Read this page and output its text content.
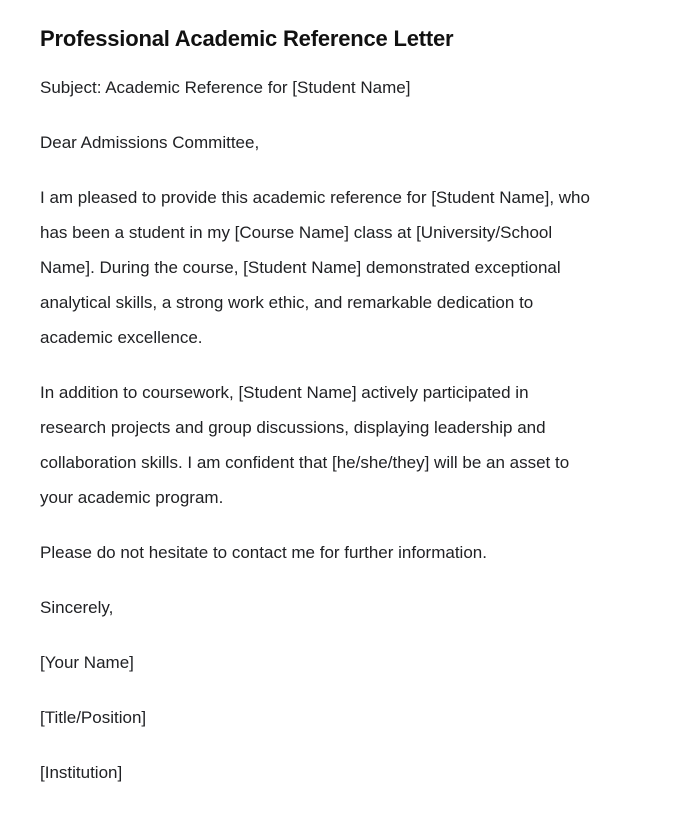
Professional Academic Reference Letter

Subject: Academic Reference for [Student Name]

Dear Admissions Committee,

I am pleased to provide this academic reference for [Student Name], who has been a student in my [Course Name] class at [University/School Name]. During the course, [Student Name] demonstrated exceptional analytical skills, a strong work ethic, and remarkable dedication to academic excellence.

In addition to coursework, [Student Name] actively participated in research projects and group discussions, displaying leadership and collaboration skills. I am confident that [he/she/they] will be an asset to your academic program.

Please do not hesitate to contact me for further information.

Sincerely,

[Your Name]

[Title/Position]

[Institution]
